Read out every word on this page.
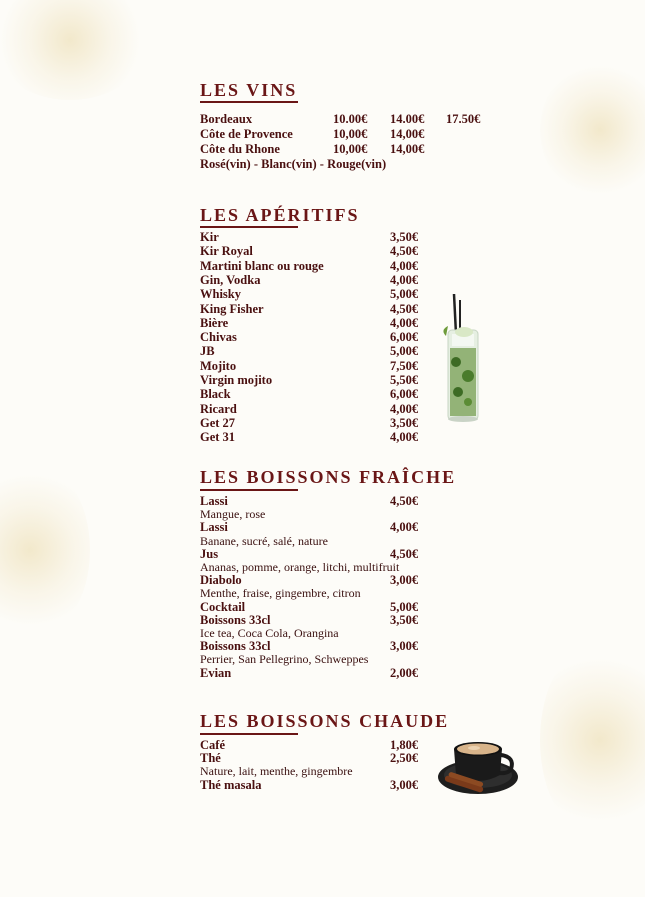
LES VINS
Bordeaux	10.00€ 14.00€ 17.50€
Côte de Provence	10,00€ 14,00€
Côte du Rhone	10,00€ 14,00€
Rosé(vin) - Blanc(vin) - Rouge(vin)
LES APÉRITIFS
Kir	3,50€
Kir Royal	4,50€
Martini blanc ou rouge	4,00€
Gin, Vodka	4,00€
Whisky	5,00€
King Fisher	4,50€
Bière	4,00€
Chivas	6,00€
JB	5,00€
Mojito	7,50€
Virgin mojito	5,50€
Black	6,00€
Ricard	4,00€
Get 27	3,50€
Get 31	4,00€
LES BOISSONS FRAÎCHE
Lassi	4,50€
Mangue, rose
Lassi	4,00€
Banane, sucré, salé, nature
Jus	4,50€
Ananas, pomme, orange, litchi, multifruit
Diabolo	3,00€
Menthe, fraise, gingembre, citron
Cocktail	5,00€
Boissons 33cl	3,50€
Ice tea, Coca Cola, Orangina
Boissons 33cl	3,00€
Perrier, San Pellegrino, Schweppes
Evian	2,00€
LES BOISSONS CHAUDE
Café	1,80€
Thé	2,50€
Nature, lait, menthe, gingembre
Thé masala	3,00€
